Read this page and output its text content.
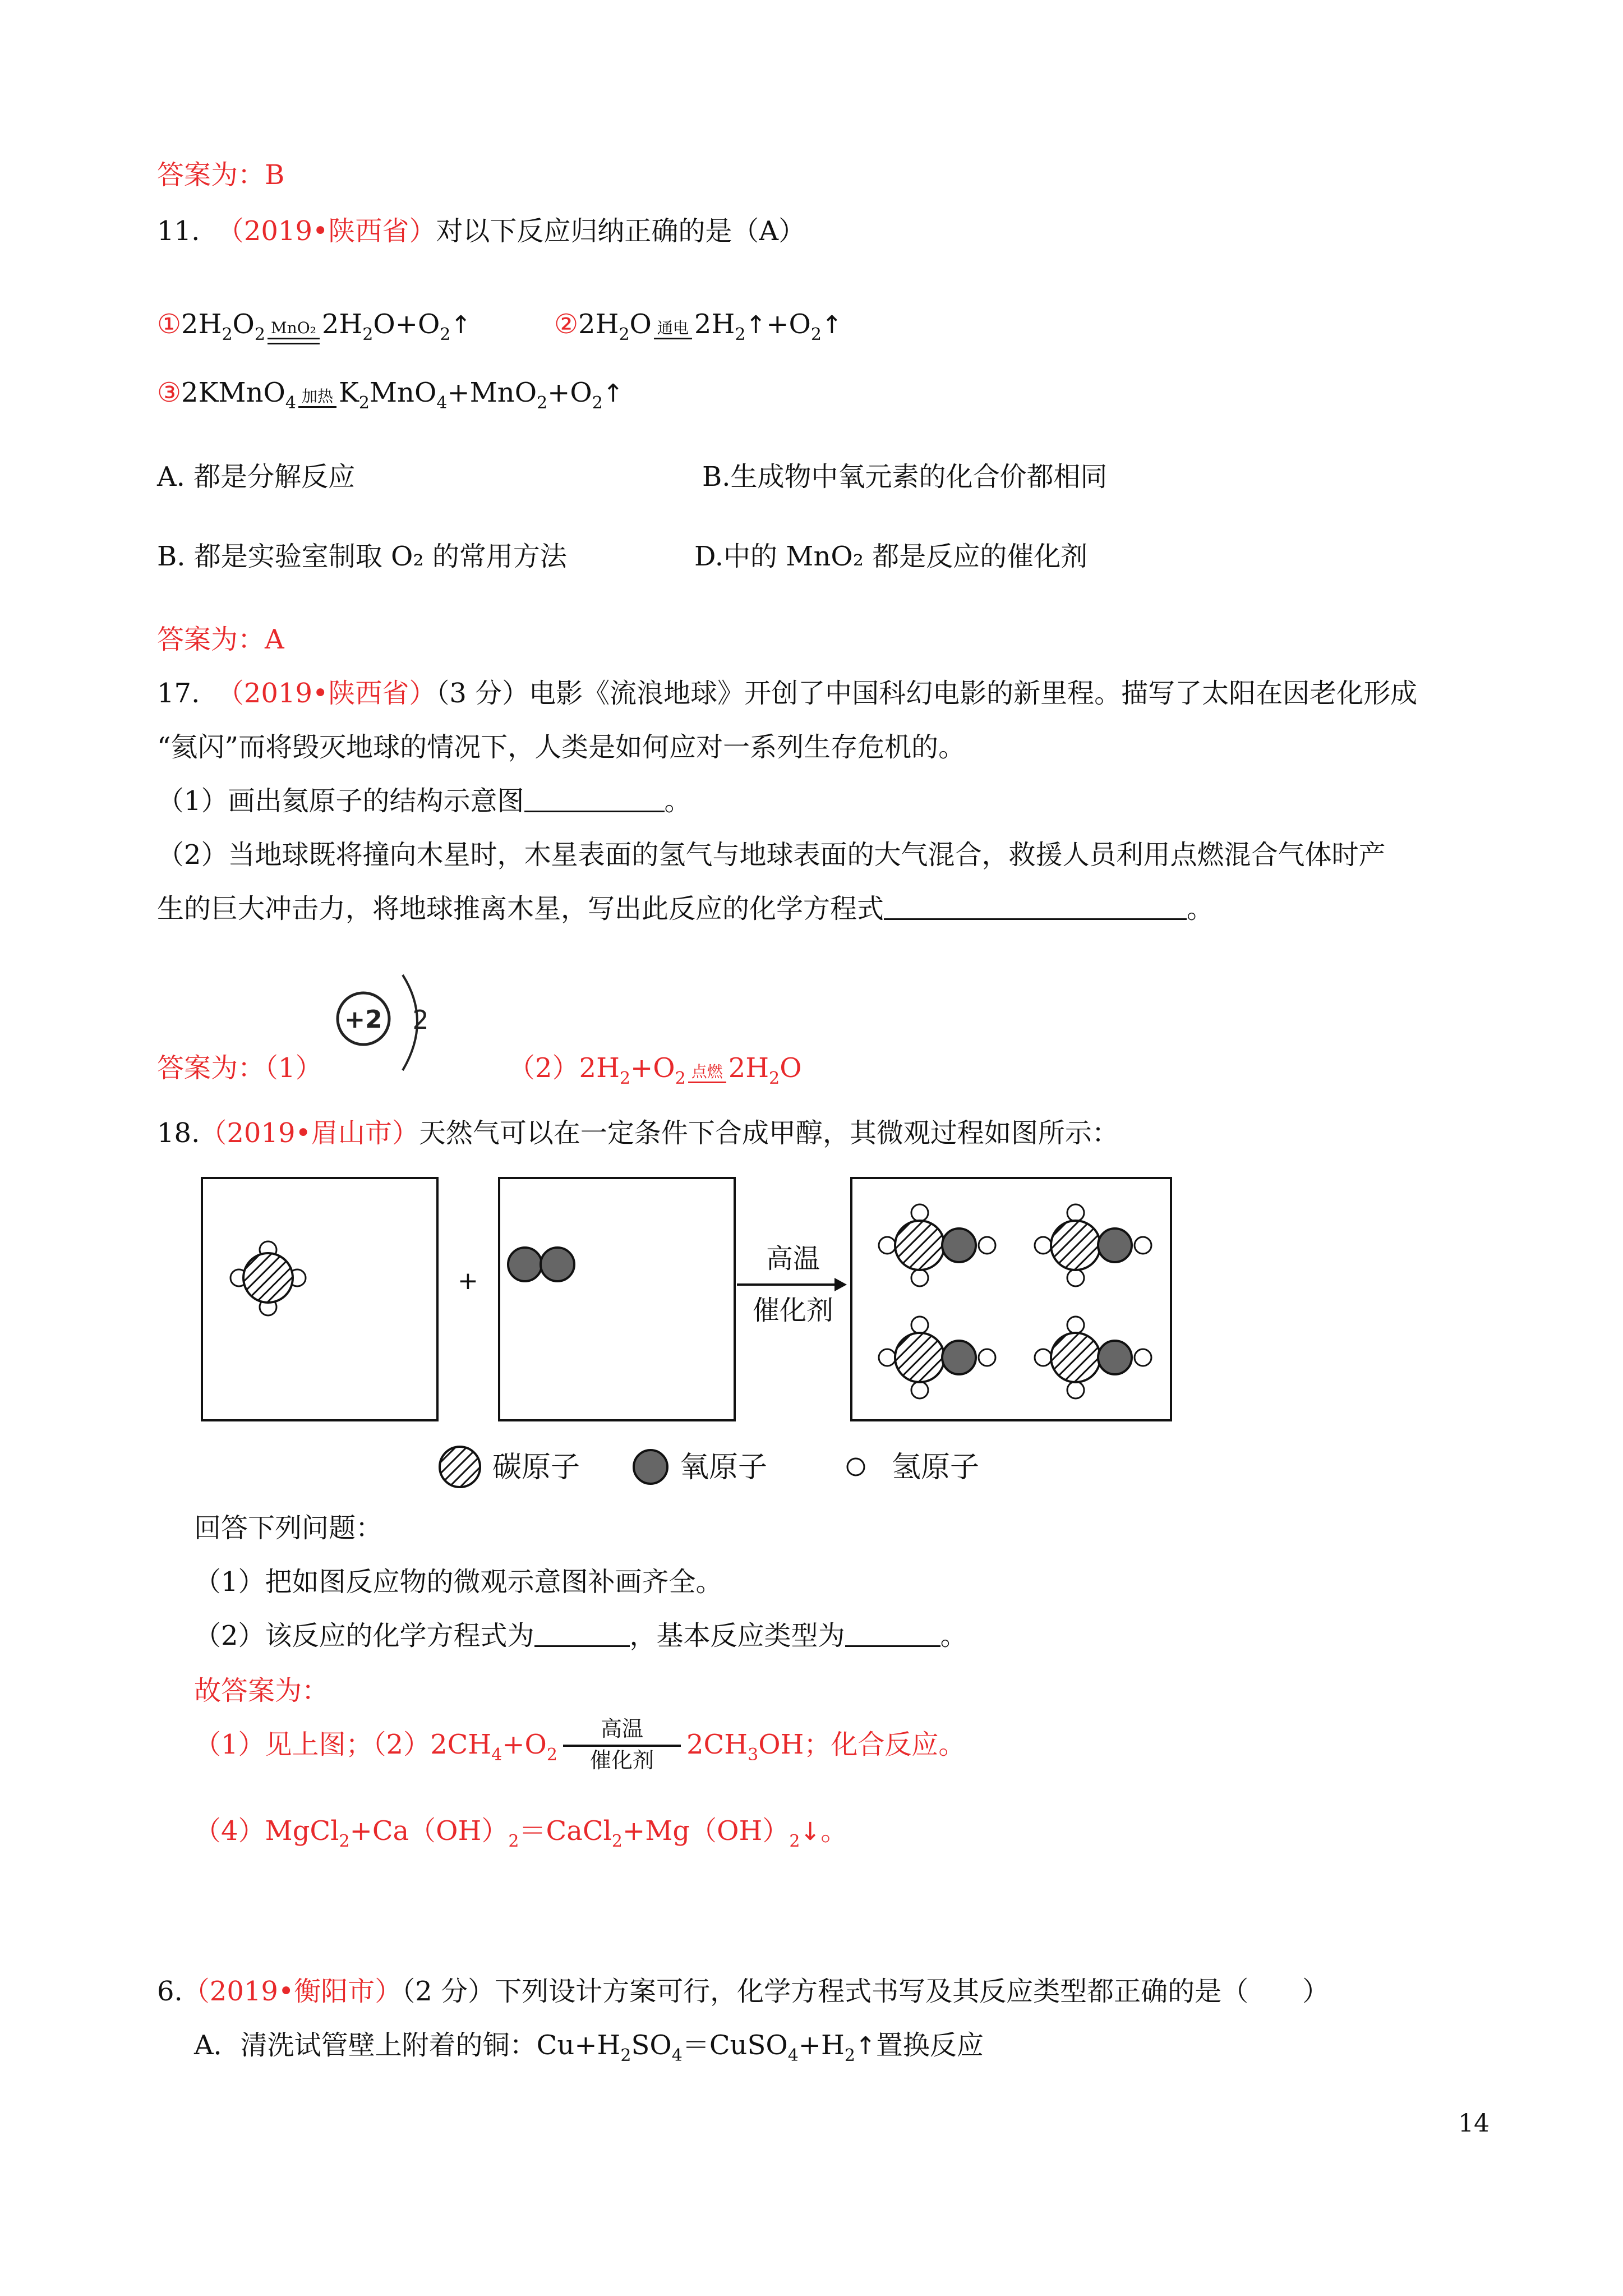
答案为：B
11. （2019•陕西省）对以下反应归纳正确的是（A）
$①2H_2O_2$ MnO₂ $2H_2O+O_2↑$	$②2H_2O$ 通电 $2H_2↑+O_2↑$
③2KMnO$_4$ 加热 $K_2MnO_4+MnO_2+O_2↑$
A. 都是分解反应	B.生成物中氧元素的化合价都相同
B. 都是实验室制取 O₂ 的常用方法	D.中的 MnO₂ 都是反应的催化剂
答案为：A
17. （2019•陕西省）（3 分）电影《流浪地球》开创了中国科幻电影的新里程。描写了太阳在因老化形成
“氦闪”而将毁灭地球的情况下，人类是如何应对一系列生存危机的。
（1）画出氦原子的结构示意图	。
（2）当地球既将撞向木星时，木星表面的氢气与地球表面的大气混合，救援人员利用点燃混合气体时产
生的巨大冲击力，将地球推离木星，写出此反应的化学方程式	。
答案为：（1）
+2 2
$(2)2H_2+O_2$ 点燃 $2H_2O$
18.（2019•眉山市）天然气可以在一定条件下合成甲醇，其微观过程如图所示：
+
高温
催化剂
碳原子	氧原子	氢原子
回答下列问题：
（1）把如图反应物的微观示意图补画齐全。
（2）该反应的化学方程式为	，基本反应类型为	。
故答案为：
（1）见上图；$(2)2CH_4+O_2$
高温
催化剂	$2CH_3OH$；化合反应。
$(4)MgCl_2+Ca(OH)_2=CaCl_2+Mg(OH)_2↓$。
6.（2019•衡阳市）（2 分）下列设计方案可行，化学方程式书写及其反应类型都正确的是（　　）
A．清洗试管壁上附着的铜：$Cu+H_2SO_4=CuSO_4+H_2↑$置换反应
14
